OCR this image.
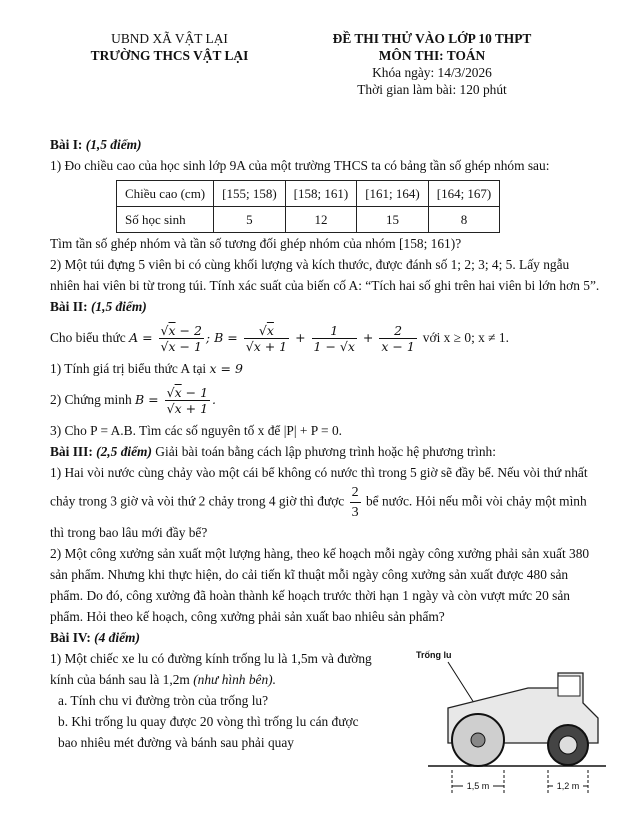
UBND XÃ VẬT LẠI
TRƯỜNG THCS VẬT LẠI
ĐỀ THI THỬ VÀO LỚP 10 THPT
MÔN THI: TOÁN
Khóa ngày: 14/3/2026
Thời gian làm bài: 120 phút

Bài I: (1,5 điểm)

1) Đo chiều cao của học sinh lớp 9A của một trường THCS ta có bảng tần số ghép nhóm sau:

Chiều cao (cm)	[155; 158)	[158; 161)	[161; 164)	[164; 167)
Số học sinh	5	12	15	8

Tìm tần số ghép nhóm và tần số tương đối ghép nhóm của nhóm [158; 161)?

2) Một túi đựng 5 viên bi có cùng khối lượng và kích thước, được đánh số 1; 2; 3; 4; 5. Lấy ngẫu nhiên hai viên bi từ trong túi. Tính xác suất của biến cố A: “Tích hai số ghi trên hai viên bi lớn hơn 5”.

Bài II: (1,5 điểm)

Cho biểu thức A = √ $\overline{x} - 2$
√ $\overline{x} - 1$ ; B = √ $\overline{x}$
√ $\overline{x} + 1 + \frac{1}{1 - √ \overline{x}} + \frac{2}{x - 1}$ với x ≥ 0; x ≠ 1.

1) Tính giá trị biểu thức A tại x = 9

2) Chứng minh B = √ $\overline{x} - 1$
√ $\overline{x} + 1$ .

3) Cho P = A.B. Tìm các số nguyên tố x để |P| + P = 0.

Bài III: (2,5 điểm) Giải bài toán bằng cách lập phương trình hoặc hệ phương trình:

1) Hai vòi nước cùng chảy vào một cái bể không có nước thì trong 5 giờ sẽ đầy bể. Nếu vòi thứ nhất chảy trong 3 giờ và vòi thứ 2 chảy trong 4 giờ thì được $\frac{2}{3}$ bể nước. Hỏi nếu mỗi vòi chảy một mình thì trong bao lâu mới đầy bể?

2) Một công xưởng sản xuất một lượng hàng, theo kế hoạch mỗi ngày công xưởng phải sản xuất 380 sản phẩm. Nhưng khi thực hiện, do cải tiến kĩ thuật mỗi ngày công xưởng sản xuất được 480 sản phẩm. Do đó, công xưởng đã hoàn thành kế hoạch trước thời hạn 1 ngày và còn vượt mức 20 sản phẩm. Hỏi theo kế hoạch, công xưởng phải sản xuất bao nhiêu sản phẩm?

Bài IV: (4 điểm)

1) Một chiếc xe lu có đường kính trống lu là 1,5m và đường kính của bánh sau là 1,2m (như hình bên).

a. Tính chu vi đường tròn của trống lu?

b. Khi trống lu quay được 20 vòng thì trống lu cán được bao nhiêu mét đường và bánh sau phải quay

Trống lu
1,5 m	1,2 m
